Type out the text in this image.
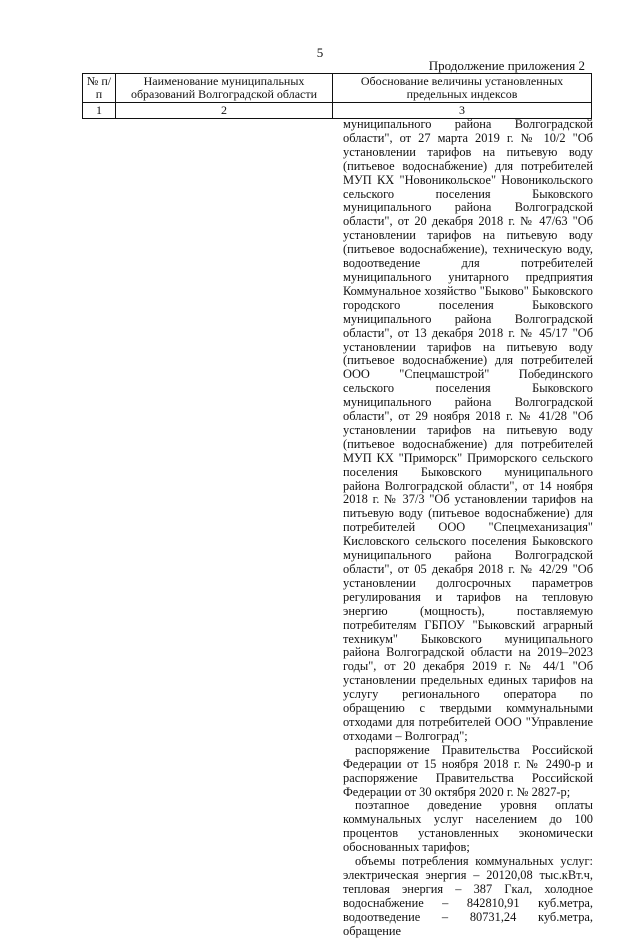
5
Продолжение приложения 2
№ п/п	Наименование муниципальных образований Волгоградской области	Обоснование величины установленных предельных индексов
1	2	3

муниципального района Волгоградской области", от 27 марта 2019 г. № 10/2 "Об установлении тарифов на питьевую воду (питьевое водоснабжение) для потребителей МУП КХ "Новоникольское" Новоникольского сельского поселения Быковского муниципального района Волгоградской области", от 20 декабря 2018 г. № 47/63 "Об установлении тарифов на питьевую воду (питьевое водоснабжение), техническую воду, водоотведение для потребителей муниципального унитарного предприятия Коммунальное хозяйство "Быково" Быковского городского поселения Быковского муниципального района Волгоградской области", от 13 декабря 2018 г. № 45/17 "Об установлении тарифов на питьевую воду (питьевое водоснабжение) для потребителей ООО "Спецмашстрой" Побединского сельского поселения Быковского муниципального района Волгоградской области", от 29 ноября 2018 г. № 41/28 "Об установлении тарифов на питьевую воду (питьевое водоснабжение) для потребителей МУП КХ "Приморск" Приморского сельского поселения Быковского муниципального района Волгоградской области", от 14 ноября 2018 г. № 37/3 "Об установлении тарифов на питьевую воду (питьевое водоснабжение) для потребителей ООО "Спецмеханизация" Кисловского сельского поселения Быковского муниципального района Волгоградской области", от 05 декабря 2018 г. № 42/29 "Об установлении долгосрочных параметров регулирования и тарифов на тепловую энергию (мощность), поставляемую потребителям ГБПОУ "Быковский аграрный техникум" Быковского муниципального района Волгоградской области на 2019–2023 годы", от 20 декабря 2019 г. № 44/1 "Об установлении предельных единых тарифов на услугу регионального оператора по обращению с твердыми коммунальными отходами для потребителей ООО "Управление отходами – Волгоград";

распоряжение Правительства Российской Федерации от 15 ноября 2018 г. № 2490-р и распоряжение Правительства Российской Федерации от 30 октября 2020 г. № 2827-р;

поэтапное доведение уровня оплаты коммунальных услуг населением до 100 процентов установленных экономически обоснованных тарифов;

объемы потребления коммунальных услуг: электрическая энергия – 20120,08 тыс.кВт.ч, тепловая энергия – 387 Гкал, холодное водоснабжение – 842810,91 куб.метра, водоотведение – 80731,24 куб.метра, обращение
